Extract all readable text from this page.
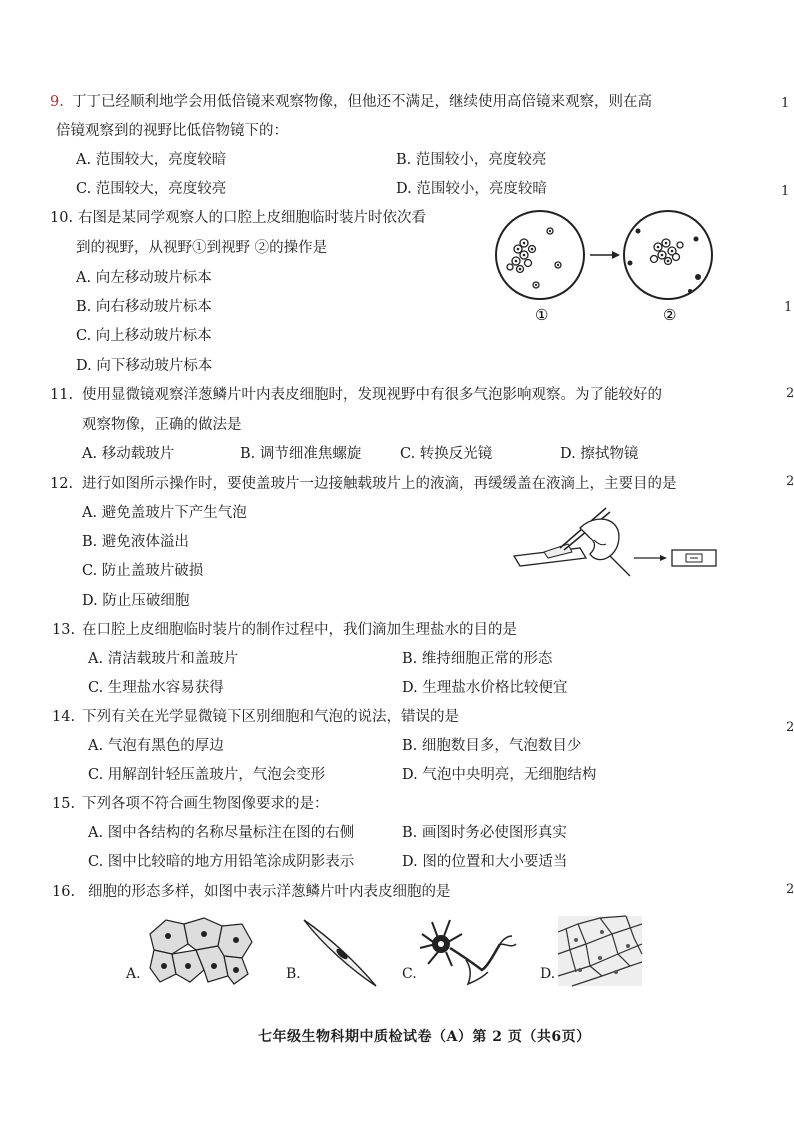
1
1
1
2
2
2
2
9. 丁丁已经顺利地学会用低倍镜来观察物像，但他还不满足，继续使用高倍镜来观察，则在高
倍镜观察到的视野比低倍物镜下的：
A. 范围较大，亮度较暗	B. 范围较小，亮度较亮
C. 范围较大，亮度较亮	D. 范围较小，亮度较暗
10. 右图是某同学观察人的口腔上皮细胞临时装片时依次看
到的视野，从视野①到视野 ②的操作是
A. 向左移动玻片标本
B. 向右移动玻片标本
C. 向上移动玻片标本
D. 向下移动玻片标本
①	②
11. 使用显微镜观察洋葱鳞片叶内表皮细胞时，发现视野中有很多气泡影响观察。为了能较好的
观察物像，正确的做法是
A. 移动载玻片	B. 调节细准焦螺旋	C. 转换反光镜	D. 擦拭物镜
12. 进行如图所示操作时，要使盖玻片一边接触载玻片上的液滴，再缓缓盖在液滴上，主要目的是
A. 避免盖玻片下产生气泡
B. 避免液体溢出
C. 防止盖玻片破损
D. 防止压破细胞
13. 在口腔上皮细胞临时装片的制作过程中，我们滴加生理盐水的目的是
A. 清洁载玻片和盖玻片	B. 维持细胞正常的形态
C. 生理盐水容易获得	D. 生理盐水价格比较便宜
14. 下列有关在光学显微镜下区别细胞和气泡的说法，错误的是
A. 气泡有黑色的厚边	B. 细胞数目多，气泡数目少
C. 用解剖针轻压盖玻片，气泡会变形	D. 气泡中央明亮，无细胞结构
15. 下列各项不符合画生物图像要求的是：
A. 图中各结构的名称尽量标注在图的右侧	B. 画图时务必使图形真实
C. 图中比较暗的地方用铅笔涂成阴影表示	D. 图的位置和大小要适当
16. 细胞的形态多样，如图中表示洋葱鳞片叶内表皮细胞的是
A.	B.	C.	D.
七年级生物科期中质检试卷（A）第 2 页（共6页）
